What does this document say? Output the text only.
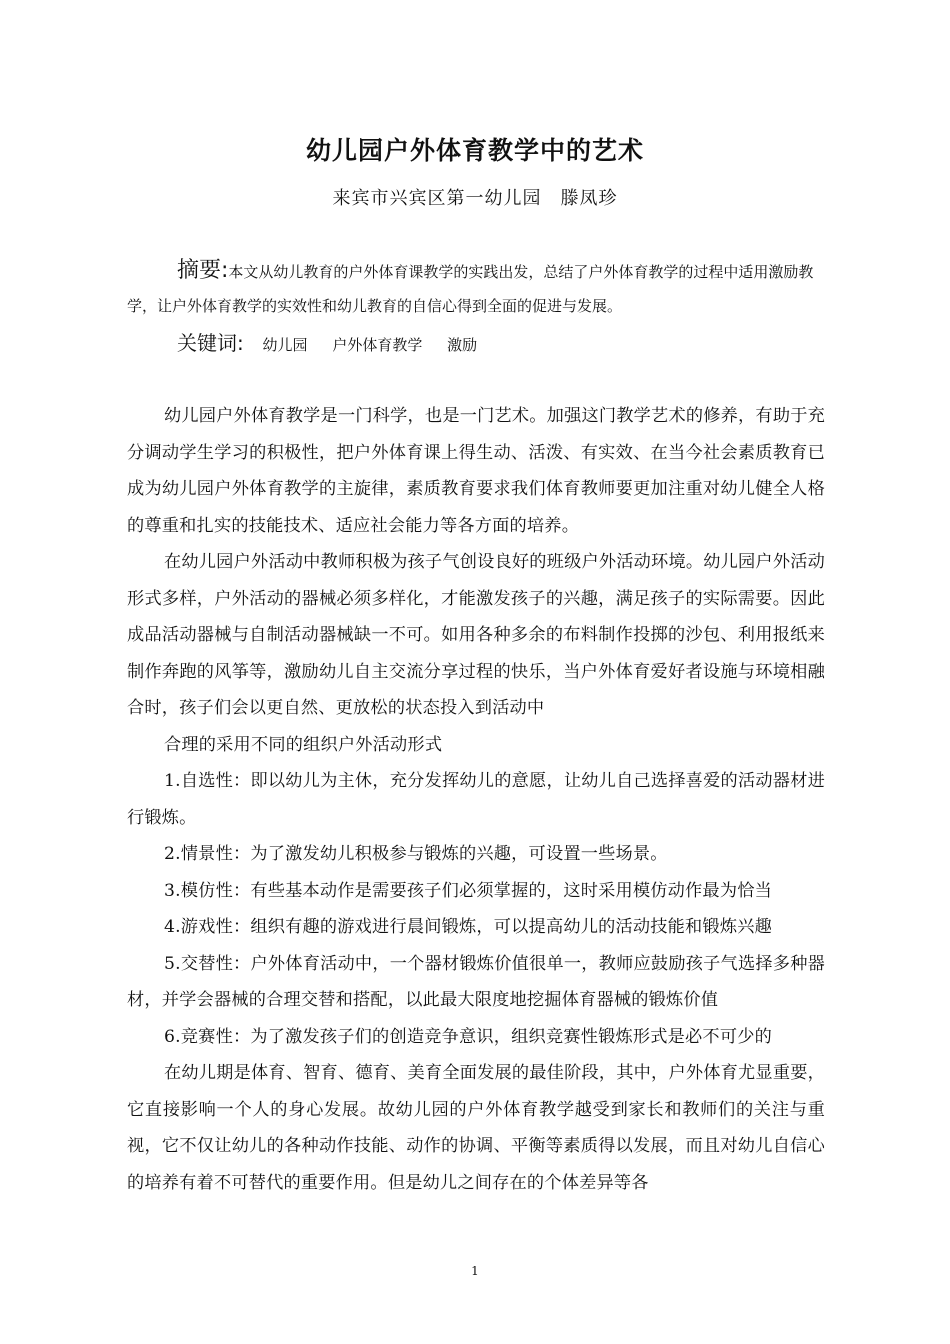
幼儿园户外体育教学中的艺术
来宾市兴宾区第一幼儿园　滕凤珍
摘要:本文从幼儿教育的户外体育课教学的实践出发，总结了户外体育教学的过程中适用激励教学，让户外体育教学的实效性和幼儿教育的自信心得到全面的促进与发展。
关键词: 幼儿园 户外体育教学 激励

幼儿园户外体育教学是一门科学，也是一门艺术。加强这门教学艺术的修养，有助于充分调动学生学习的积极性，把户外体育课上得生动、活泼、有实效、在当今社会素质教育已成为幼儿园户外体育教学的主旋律，素质教育要求我们体育教师要更加注重对幼儿健全人格的尊重和扎实的技能技术、适应社会能力等各方面的培养。

在幼儿园户外活动中教师积极为孩子气创设良好的班级户外活动环境。幼儿园户外活动形式多样，户外活动的器械必须多样化，才能激发孩子的兴趣，满足孩子的实际需要。因此成品活动器械与自制活动器械缺一不可。如用各种多余的布料制作投掷的沙包、利用报纸来制作奔跑的风筝等，激励幼儿自主交流分享过程的快乐，当户外体育爱好者设施与环境相融合时，孩子们会以更自然、更放松的状态投入到活动中

合理的采用不同的组织户外活动形式

1.自选性：即以幼儿为主休，充分发挥幼儿的意愿，让幼儿自己选择喜爱的活动器材进行锻炼。

2.情景性：为了激发幼儿积极参与锻炼的兴趣，可设置一些场景。

3.模仿性：有些基本动作是需要孩子们必须掌握的，这时采用模仿动作最为恰当

4.游戏性：组织有趣的游戏进行晨间锻炼，可以提高幼儿的活动技能和锻炼兴趣

5.交替性：户外体育活动中，一个器材锻炼价值很单一，教师应鼓励孩子气选择多种器材，并学会器械的合理交替和搭配，以此最大限度地挖掘体育器械的锻炼价值

6.竞赛性：为了激发孩子们的创造竞争意识，组织竞赛性锻炼形式是必不可少的

在幼儿期是体育、智育、德育、美育全面发展的最佳阶段，其中，户外体育尤显重要，它直接影响一个人的身心发展。故幼儿园的户外体育教学越受到家长和教师们的关注与重视，它不仅让幼儿的各种动作技能、动作的协调、平衡等素质得以发展，而且对幼儿自信心的培养有着不可替代的重要作用。但是幼儿之间存在的个体差异等各

1
